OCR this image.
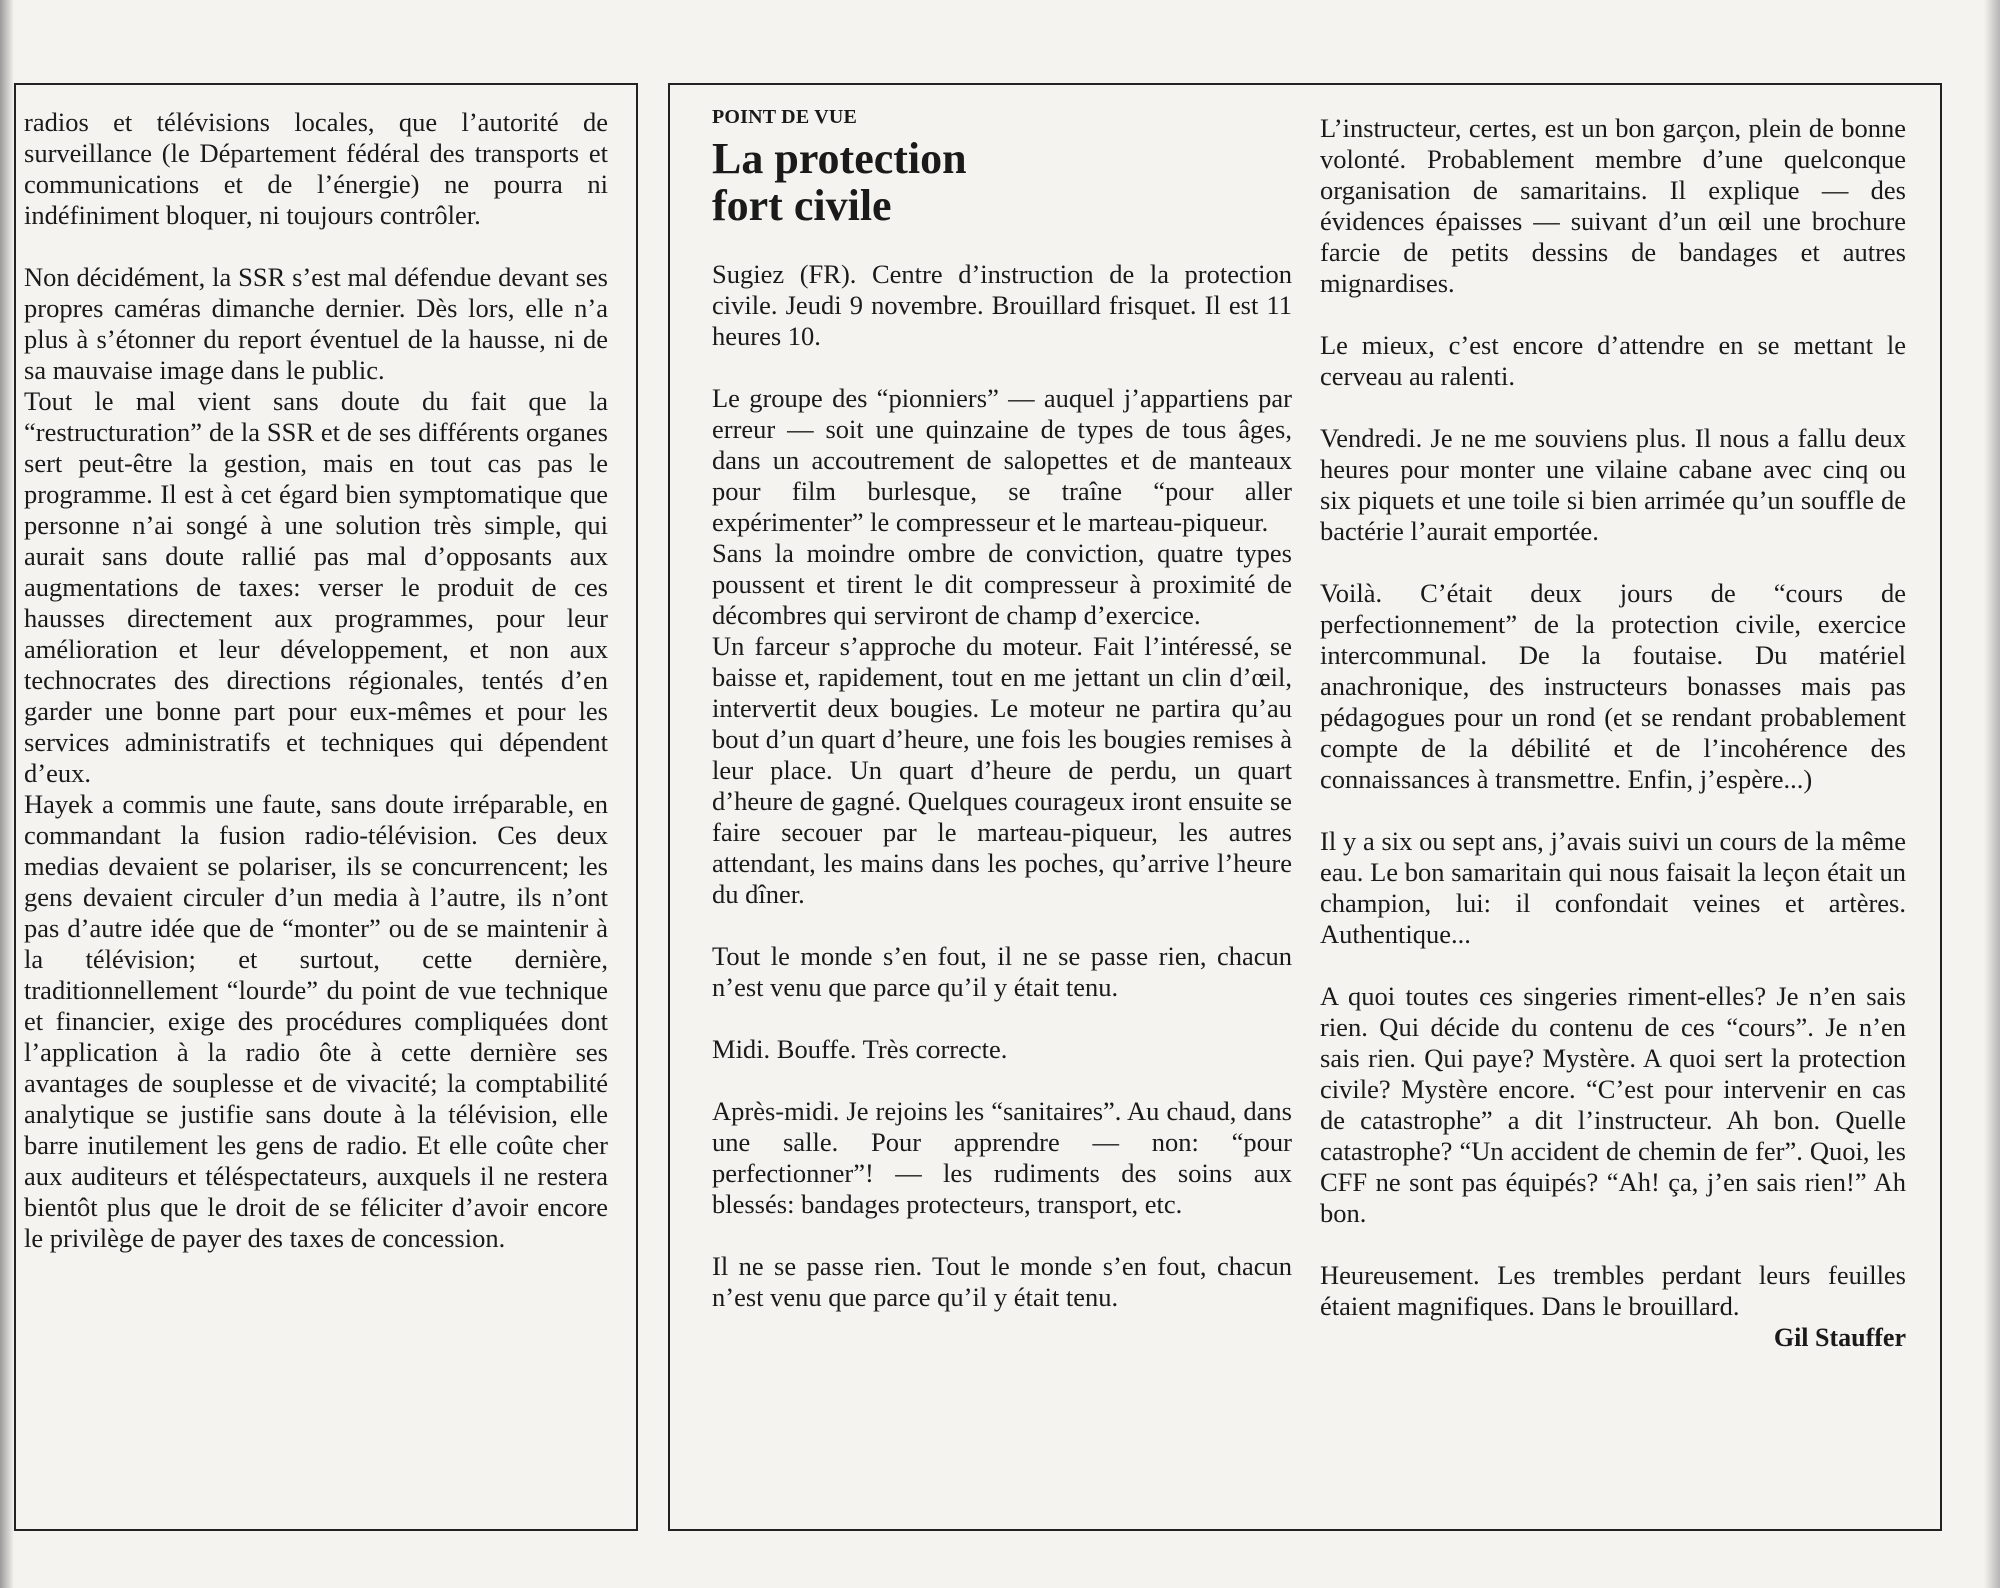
radios et télévisions locales, que l’autorité de surveillance (le Département fédéral des transports et communications et de l’énergie) ne pourra ni indéfiniment bloquer, ni toujours contrôler.

Non décidément, la SSR s’est mal défendue devant ses propres caméras dimanche dernier. Dès lors, elle n’a plus à s’étonner du report éventuel de la hausse, ni de sa mauvaise image dans le public.

Tout le mal vient sans doute du fait que la “restructuration” de la SSR et de ses différents organes sert peut-être la gestion, mais en tout cas pas le programme. Il est à cet égard bien symptomatique que personne n’ai songé à une solution très simple, qui aurait sans doute rallié pas mal d’opposants aux augmentations de taxes: verser le produit de ces hausses directement aux programmes, pour leur amélioration et leur développement, et non aux technocrates des directions régionales, tentés d’en garder une bonne part pour eux-mêmes et pour les services administratifs et techniques qui dépendent d’eux.

Hayek a commis une faute, sans doute irréparable, en commandant la fusion radio-télévision. Ces deux medias devaient se polariser, ils se concurrencent; les gens devaient circuler d’un media à l’autre, ils n’ont pas d’autre idée que de “monter” ou de se maintenir à la télévision; et surtout, cette dernière, traditionnellement “lourde” du point de vue technique et financier, exige des procédures compliquées dont l’application à la radio ôte à cette dernière ses avantages de souplesse et de vivacité; la comptabilité analytique se justifie sans doute à la télévision, elle barre inutilement les gens de radio. Et elle coûte cher aux auditeurs et téléspectateurs, auxquels il ne restera bientôt plus que le droit de se féliciter d’avoir encore le privilège de payer des taxes de concession.

POINT DE VUE

La protection
fort civile

Sugiez (FR). Centre d’instruction de la protection civile. Jeudi 9 novembre. Brouillard frisquet. Il est 11 heures 10.

Le groupe des “pionniers” — auquel j’appartiens par erreur — soit une quinzaine de types de tous âges, dans un accoutrement de salopettes et de manteaux pour film burlesque, se traîne “pour aller expérimenter” le compresseur et le marteau-piqueur.

Sans la moindre ombre de conviction, quatre types poussent et tirent le dit compresseur à proximité de décombres qui serviront de champ d’exercice.

Un farceur s’approche du moteur. Fait l’intéressé, se baisse et, rapidement, tout en me jettant un clin d’œil, intervertit deux bougies. Le moteur ne partira qu’au bout d’un quart d’heure, une fois les bougies remises à leur place. Un quart d’heure de perdu, un quart d’heure de gagné. Quelques courageux iront ensuite se faire secouer par le marteau-piqueur, les autres attendant, les mains dans les poches, qu’arrive l’heure du dîner.

Tout le monde s’en fout, il ne se passe rien, chacun n’est venu que parce qu’il y était tenu.

Midi. Bouffe. Très correcte.

Après-midi. Je rejoins les “sanitaires”. Au chaud, dans une salle. Pour apprendre — non: “pour perfectionner”! — les rudiments des soins aux blessés: bandages protecteurs, transport, etc.

Il ne se passe rien. Tout le monde s’en fout, chacun n’est venu que parce qu’il y était tenu.

L’instructeur, certes, est un bon garçon, plein de bonne volonté. Probablement membre d’une quelconque organisation de samaritains. Il explique — des évidences épaisses — suivant d’un œil une brochure farcie de petits dessins de bandages et autres mignardises.

Le mieux, c’est encore d’attendre en se mettant le cerveau au ralenti.

Vendredi. Je ne me souviens plus. Il nous a fallu deux heures pour monter une vilaine cabane avec cinq ou six piquets et une toile si bien arrimée qu’un souffle de bactérie l’aurait emportée.

Voilà. C’était deux jours de “cours de perfectionnement” de la protection civile, exercice intercommunal. De la foutaise. Du matériel anachronique, des instructeurs bonasses mais pas pédagogues pour un rond (et se rendant probablement compte de la débilité et de l’incohérence des connaissances à transmettre. Enfin, j’espère...)

Il y a six ou sept ans, j’avais suivi un cours de la même eau. Le bon samaritain qui nous faisait la leçon était un champion, lui: il confondait veines et artères. Authentique...

A quoi toutes ces singeries riment-elles? Je n’en sais rien. Qui décide du contenu de ces “cours”. Je n’en sais rien. Qui paye? Mystère. A quoi sert la protection civile? Mystère encore. “C’est pour intervenir en cas de catastrophe” a dit l’instructeur. Ah bon. Quelle catastrophe? “Un accident de chemin de fer”. Quoi, les CFF ne sont pas équipés? “Ah! ça, j’en sais rien!” Ah bon.

Heureusement. Les trembles perdant leurs feuilles étaient magnifiques. Dans le brouillard.

Gil Stauffer
